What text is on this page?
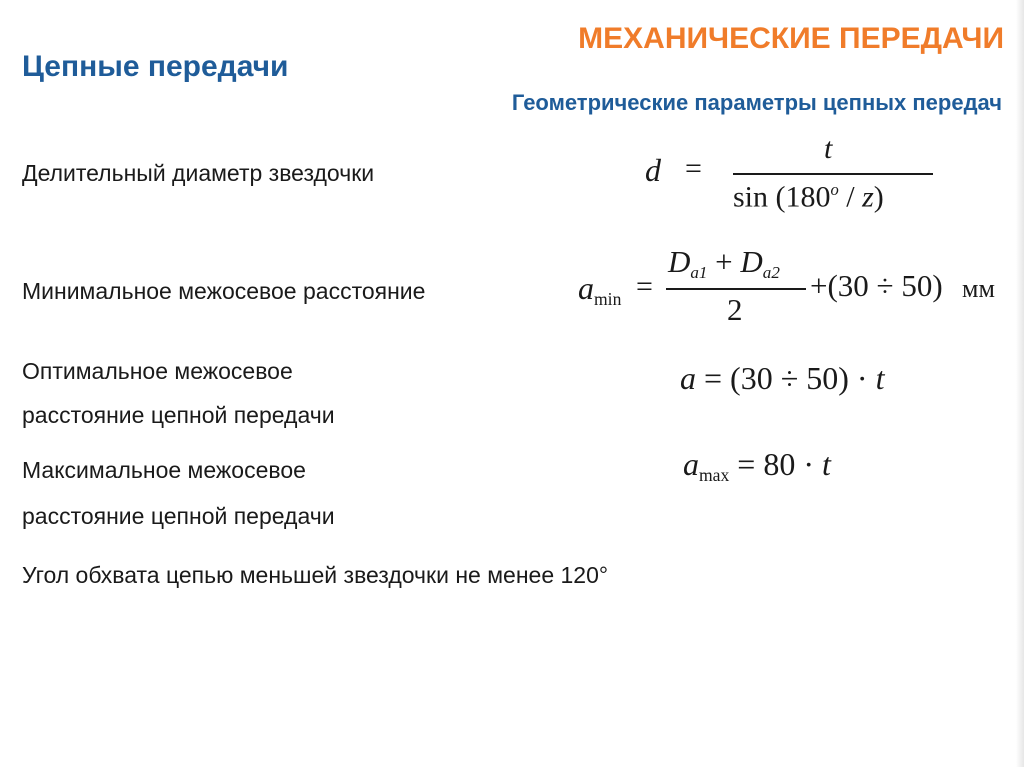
МЕХАНИЧЕСКИЕ ПЕРЕДАЧИ
Цепные передачи
Геометрические параметры цепных передач
Делительный диаметр звездочки
Минимальное межосевое расстояние
Оптимальное межосевое
расстояние цепной передачи
Максимальное межосевое
расстояние цепной передачи
Угол обхвата цепью меньшей звездочки не менее 120°
d =
t
sin (180$^o$ / z)
$a_{min}$ =
$D_{a1} + D_{a2}$
2
+(30 ÷ 50) мм
a = (30 ÷ 50) · t
$a_{max} = 80 \cdot t$
